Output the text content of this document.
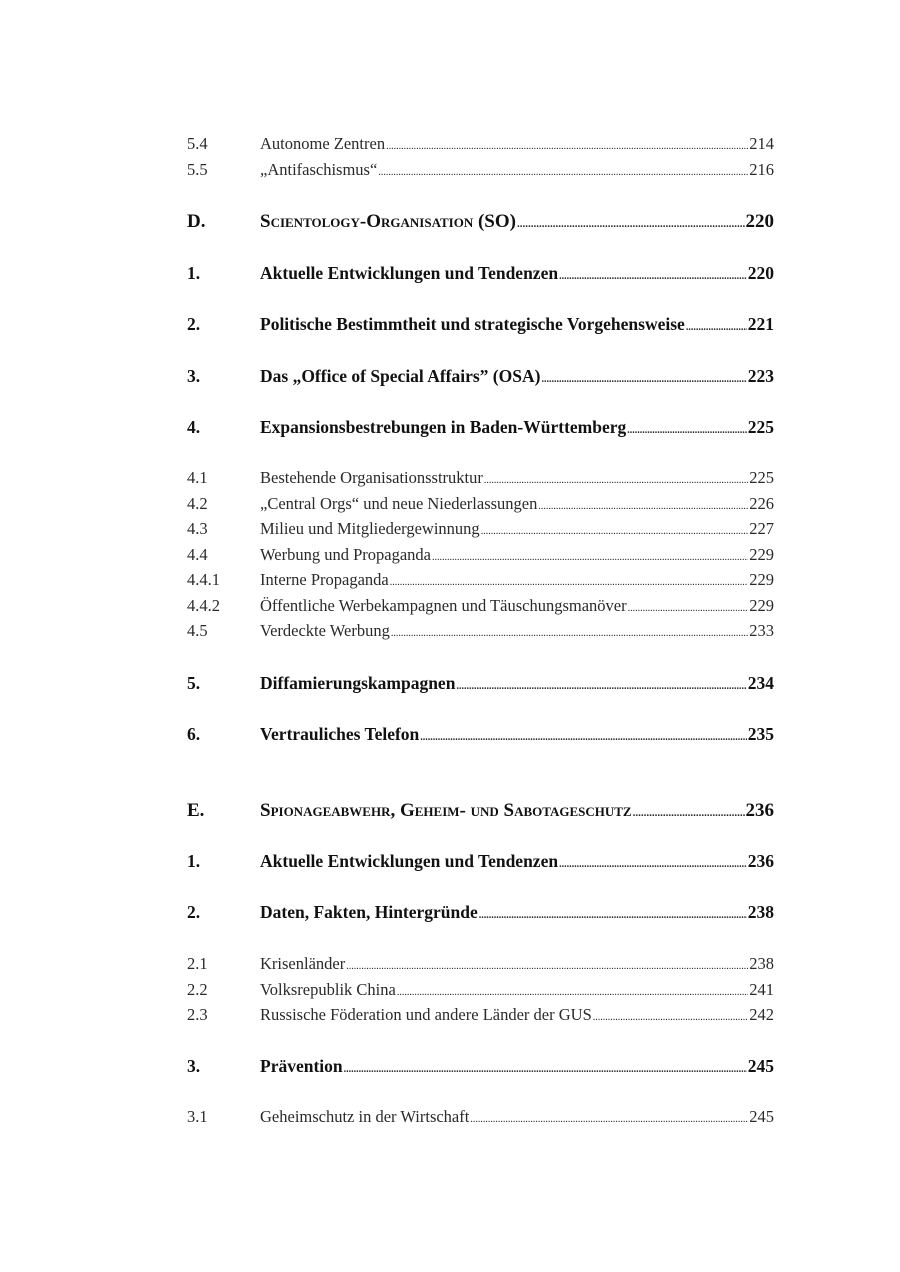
5.4	Autonome Zentren .....	214
5.5	„Antifaschismus“ .....	216
D.	Scientology-Organisation (SO) .....	220
1.	Aktuelle Entwicklungen und Tendenzen .....	220
2.	Politische Bestimmtheit und strategische Vorgehensweise .....	221
3.	Das „Office of Special Affairs” (OSA) .....	223
4.	Expansionsbestrebungen in Baden-Württemberg .....	225
4.1	Bestehende Organisationsstruktur .....	225
4.2	„Central Orgs“ und neue Niederlassungen .....	226
4.3	Milieu und Mitgliedergewinnung .....	227
4.4	Werbung und Propaganda .....	229
4.4.1	Interne Propaganda .....	229
4.4.2	Öffentliche Werbekampagnen und Täuschungsmanöver .....	229
4.5	Verdeckte Werbung .....	233
5.	Diffamierungskampagnen .....	234
6.	Vertrauliches Telefon .....	235
E.	Spionageabwehr, Geheim- und Sabotageschutz .....	236
1.	Aktuelle Entwicklungen und Tendenzen .....	236
2.	Daten, Fakten, Hintergründe .....	238
2.1	Krisenländer .....	238
2.2	Volksrepublik China .....	241
2.3	Russische Föderation und andere Länder der GUS .....	242
3.	Prävention .....	245
3.1	Geheimschutz in der Wirtschaft .....	245
